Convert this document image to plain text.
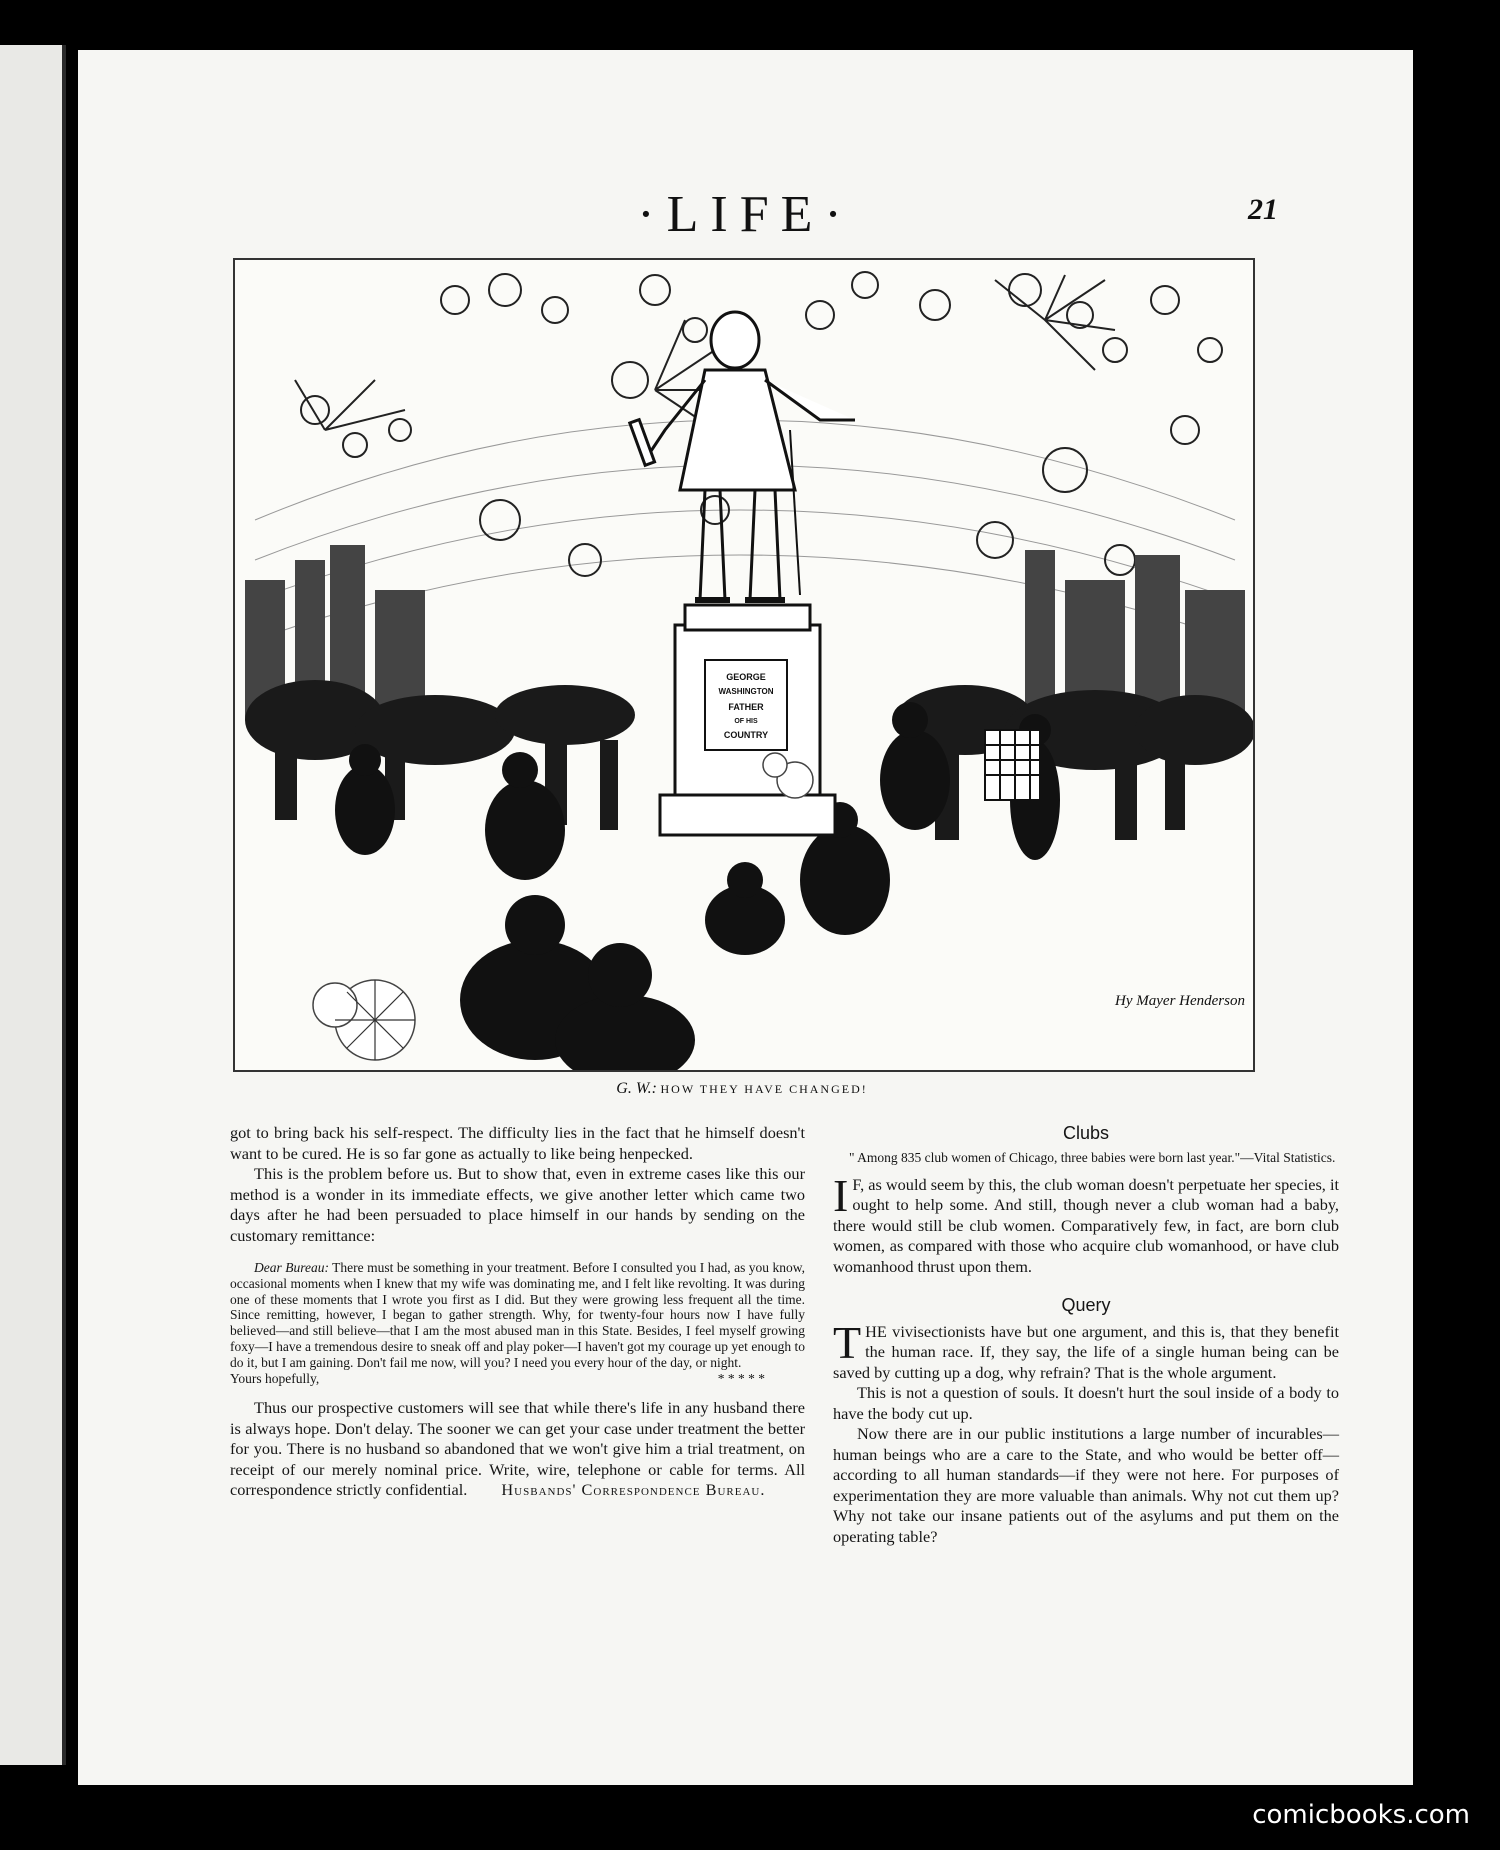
·LIFE·	21
GEORGE
WASHINGTON
FATHER
OF HIS
COUNTRY
Hy Mayer Henderson
G. W.: HOW THEY HAVE CHANGED!

got to bring back his self-respect. The difficulty lies in the fact that he himself doesn't want to be cured. He is so far gone as actually to like being henpecked.

This is the problem before us. But to show that, even in extreme cases like this our method is a wonder in its immediate effects, we give another letter which came two days after he had been persuaded to place himself in our hands by sending on the customary remittance:

Dear Bureau: There must be something in your treatment. Before I consulted you I had, as you know, occasional moments when I knew that my wife was dominating me, and I felt like revolting. It was during one of these moments that I wrote you first as I did. But they were growing less frequent all the time. Since remitting, however, I began to gather strength. Why, for twenty-four hours now I have fully believed—and still believe—that I am the most abused man in this State. Besides, I feel myself growing foxy—I have a tremendous desire to sneak off and play poker—I haven't got my courage up yet enough to do it, but I am gaining. Don't fail me now, will you? I need you every hour of the day, or night.

Yours hopefully,	* * * * *

Thus our prospective customers will see that while there's life in any husband there is always hope. Don't delay. The sooner we can get your case under treatment the better for you. There is no husband so abandoned that we won't give him a trial treatment, on receipt of our merely nominal price. Write, wire, telephone or cable for terms. All correspondence strictly confidential. Husbands' Correspondence Bureau.

Clubs

" Among 835 club women of Chicago, three babies were born last year."—Vital Statistics.

IF, as would seem by this, the club woman doesn't perpetuate her species, it ought to help some. And still, though never a club woman had a baby, there would still be club women. Comparatively few, in fact, are born club women, as compared with those who acquire club womanhood, or have club womanhood thrust upon them.

Query

THE vivisectionists have but one argument, and this is, that they benefit the human race. If, they say, the life of a single human being can be saved by cutting up a dog, why refrain? That is the whole argument.

This is not a question of souls. It doesn't hurt the soul inside of a body to have the body cut up.

Now there are in our public institutions a large number of incurables—human beings who are a care to the State, and who would be better off—according to all human standards—if they were not here. For purposes of experimentation they are more valuable than animals. Why not cut them up? Why not take our insane patients out of the asylums and put them on the operating table?

comicbooks.com
